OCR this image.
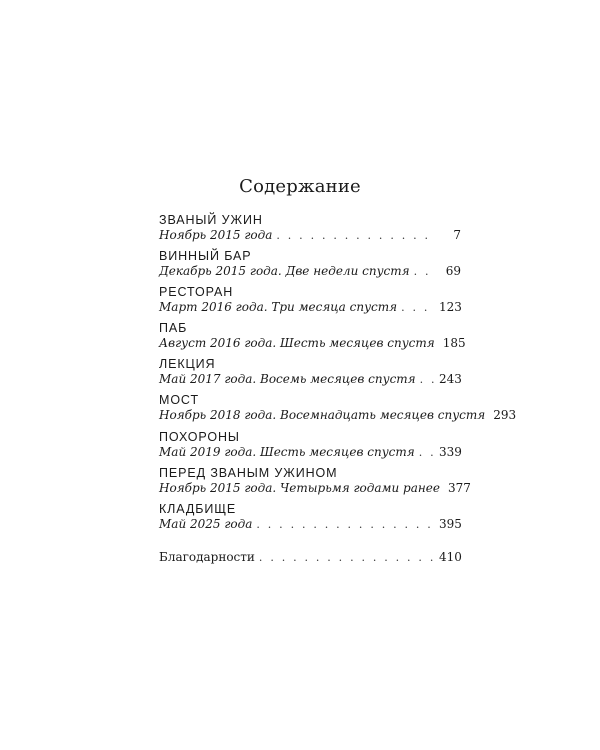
Содержание
ЗВАНЫЙ УЖИН
Ноябрь 2015 года . . .	7
ВИННЫЙ БАР
Декабрь 2015 года. Две недели спустя . . .	69
РЕСТОРАН
Март 2016 года. Три месяца спустя . . .	123
ПАБ
Август 2016 года. Шесть месяцев спустя 185
ЛЕКЦИЯ
Май 2017 года. Восемь месяцев спустя . . . 243
МОСТ
Ноябрь 2018 года. Восемнадцать месяцев спустя 293
ПОХОРОНЫ
Май 2019 года. Шесть месяцев спустя . . . 339
ПЕРЕД ЗВАНЫМ УЖИНОМ
Ноябрь 2015 года. Четырьмя годами ранее 377
КЛАДБИЩЕ
Май 2025 года . . .	395
Благодарности . . .	410
